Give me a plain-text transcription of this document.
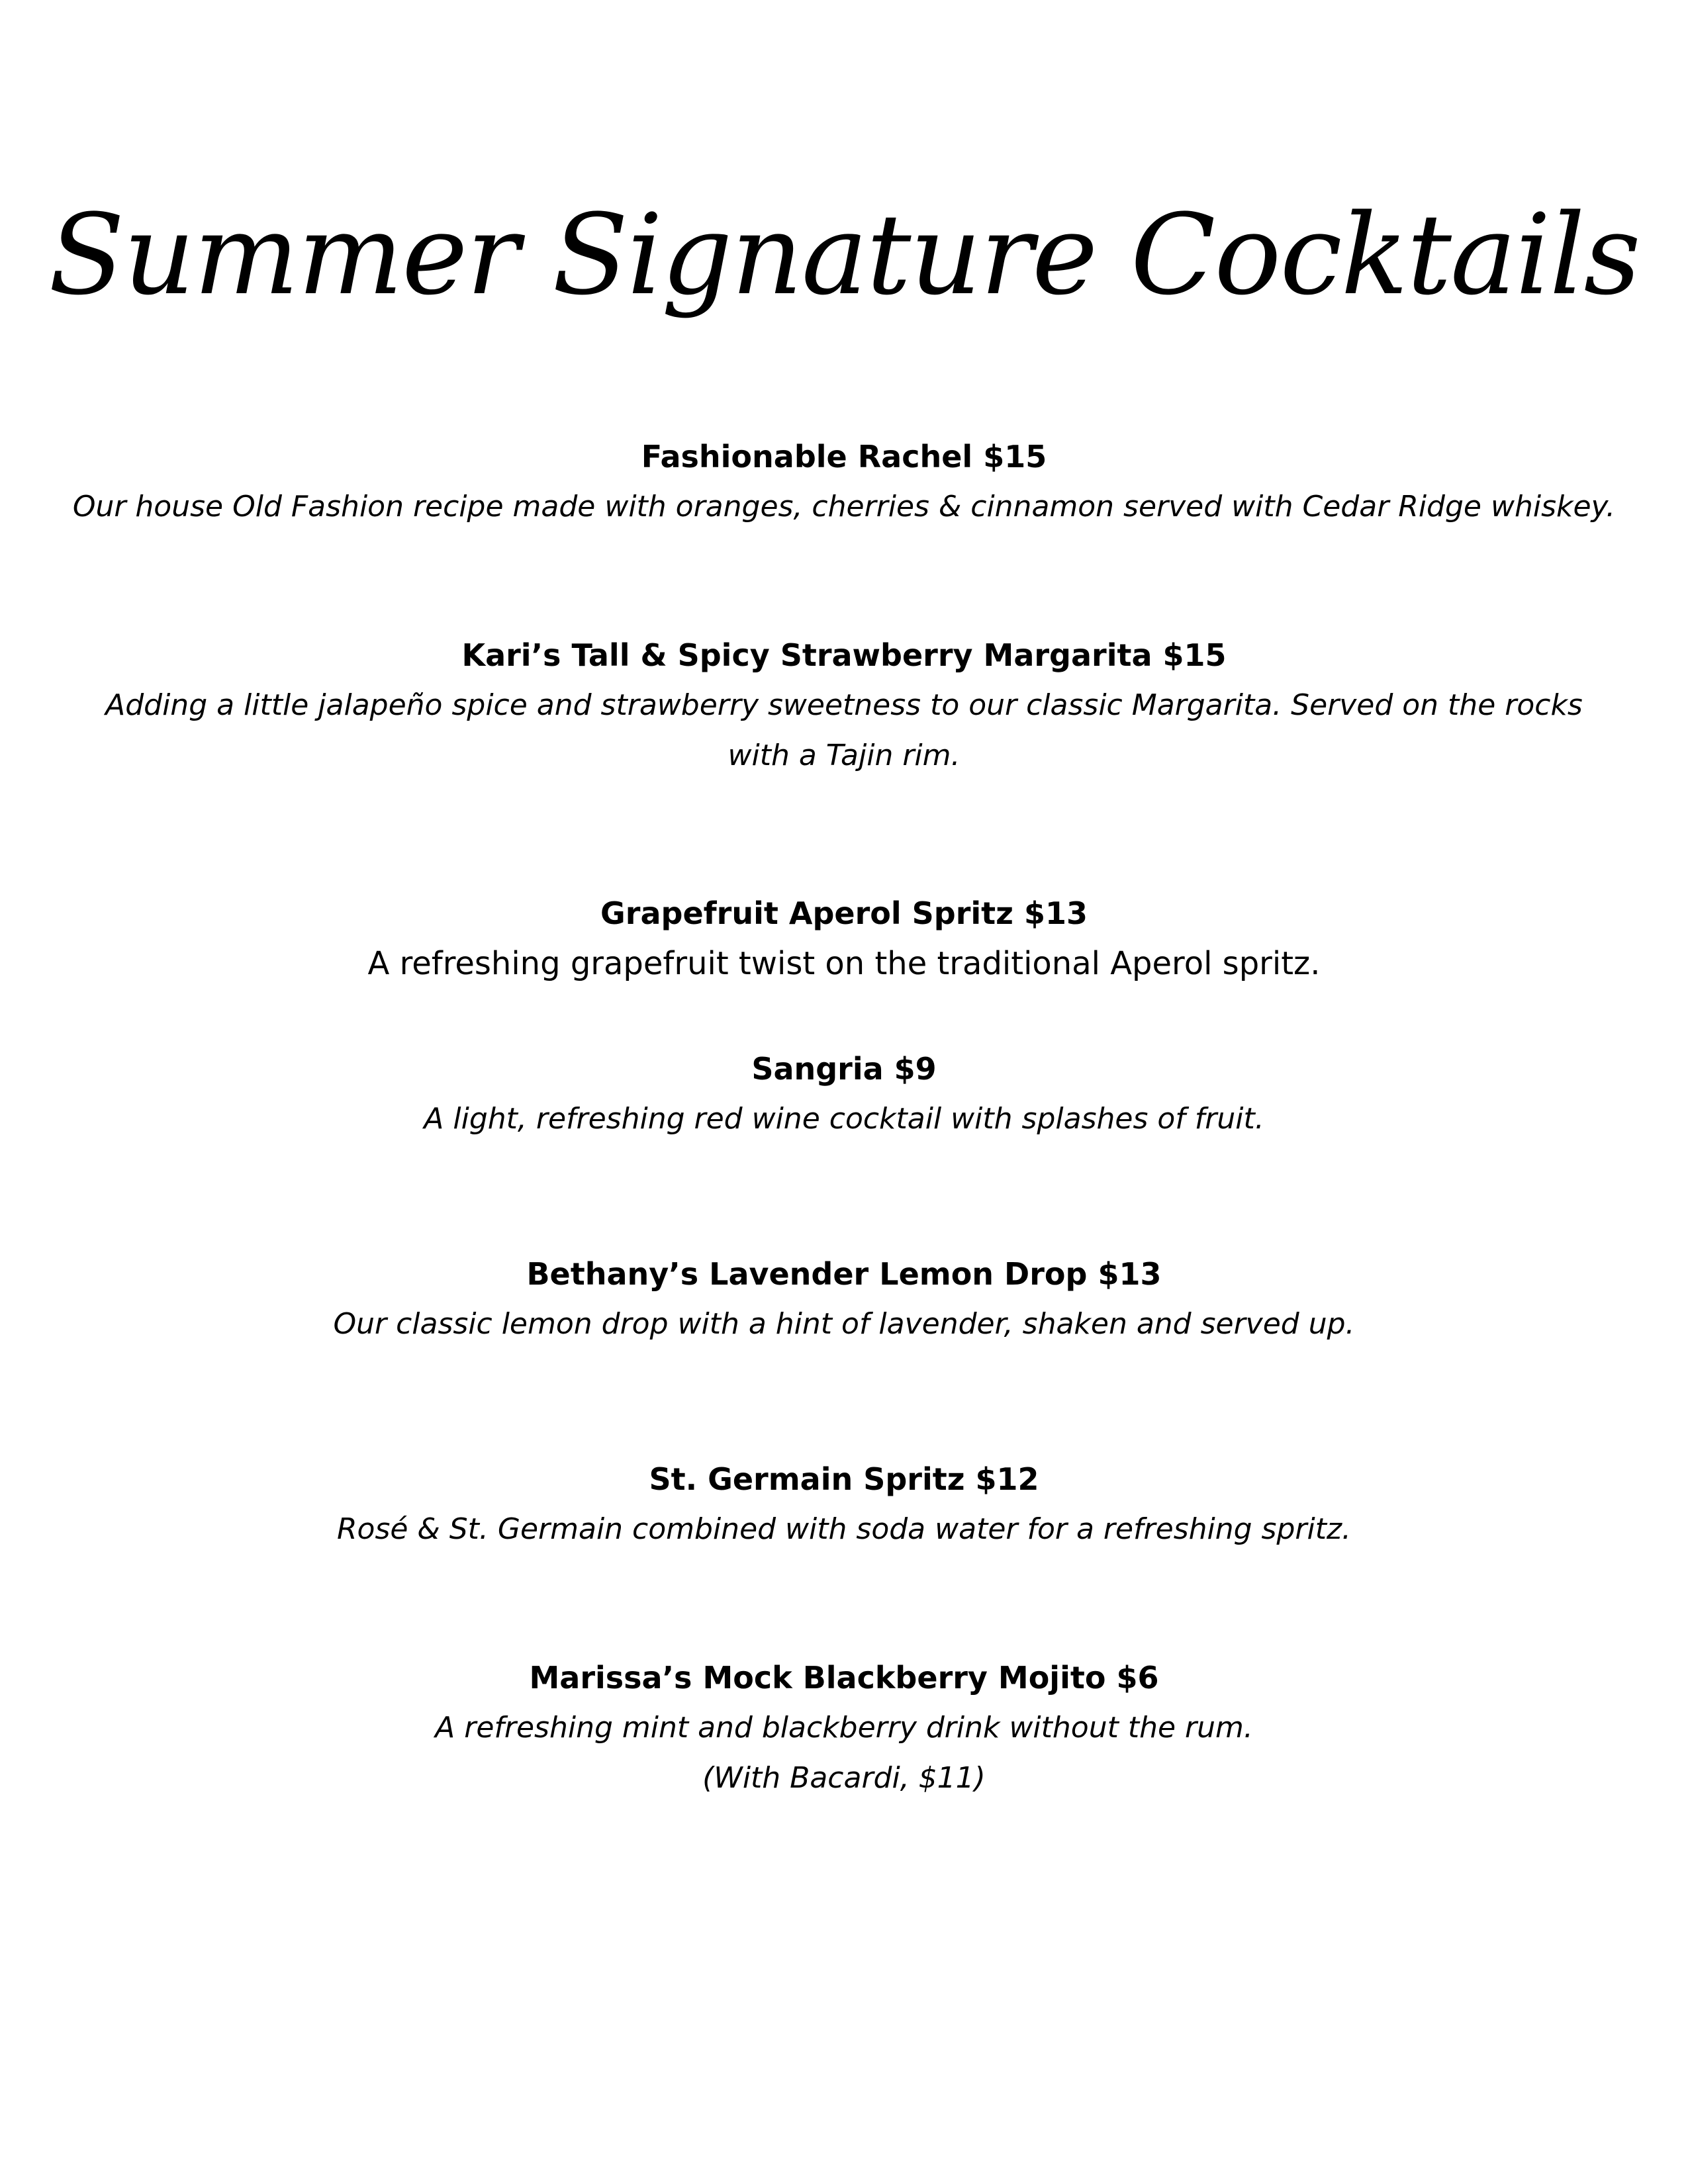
Summer Signature Cocktails

Fashionable Rachel $15

Our house Old Fashion recipe made with oranges, cherries & cinnamon served with Cedar Ridge whiskey.

Kari’s Tall & Spicy Strawberry Margarita $15

Adding a little jalapeño spice and strawberry sweetness to our classic Margarita. Served on the rocks with a Tajin rim.

Grapefruit Aperol Spritz $13

A refreshing grapefruit twist on the traditional Aperol spritz.

Sangria $9

A light, refreshing red wine cocktail with splashes of fruit.

Bethany’s Lavender Lemon Drop $13

Our classic lemon drop with a hint of lavender, shaken and served up.

St. Germain Spritz $12

Rosé & St. Germain combined with soda water for a refreshing spritz.

Marissa’s Mock Blackberry Mojito $6

A refreshing mint and blackberry drink without the rum.

(With Bacardi, $11)
